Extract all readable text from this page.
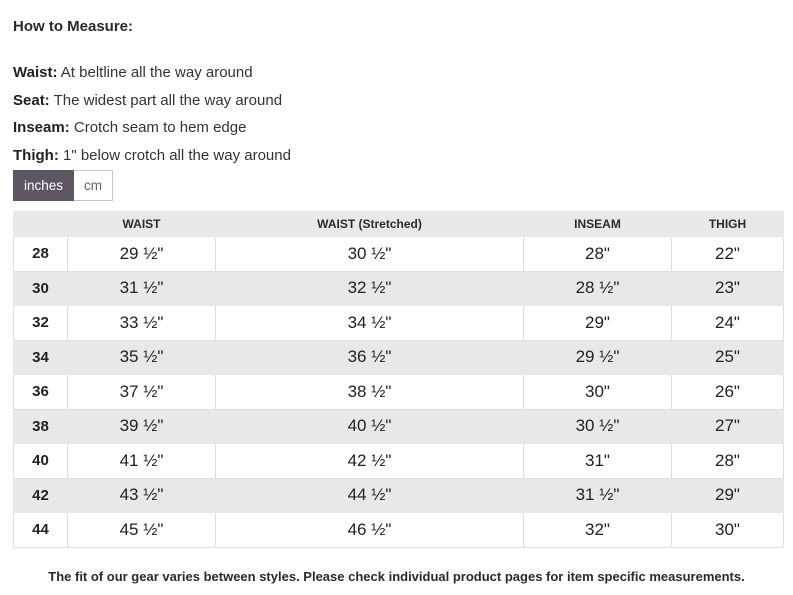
How to Measure:
Waist: At beltline all the way around
Seat: The widest part all the way around
Inseam: Crotch seam to hem edge
Thigh: 1" below crotch all the way around
inches	cm
	WAIST	WAIST (Stretched)	INSEAM	THIGH
28	29 ½"	30 ½"	28"	22"
30	31 ½"	32 ½"	28 ½"	23"
32	33 ½"	34 ½"	29"	24"
34	35 ½"	36 ½"	29 ½"	25"
36	37 ½"	38 ½"	30"	26"
38	39 ½"	40 ½"	30 ½"	27"
40	41 ½"	42 ½"	31"	28"
42	43 ½"	44 ½"	31 ½"	29"
44	45 ½"	46 ½"	32"	30"
The fit of our gear varies between styles. Please check individual product pages for item specific measurements.
